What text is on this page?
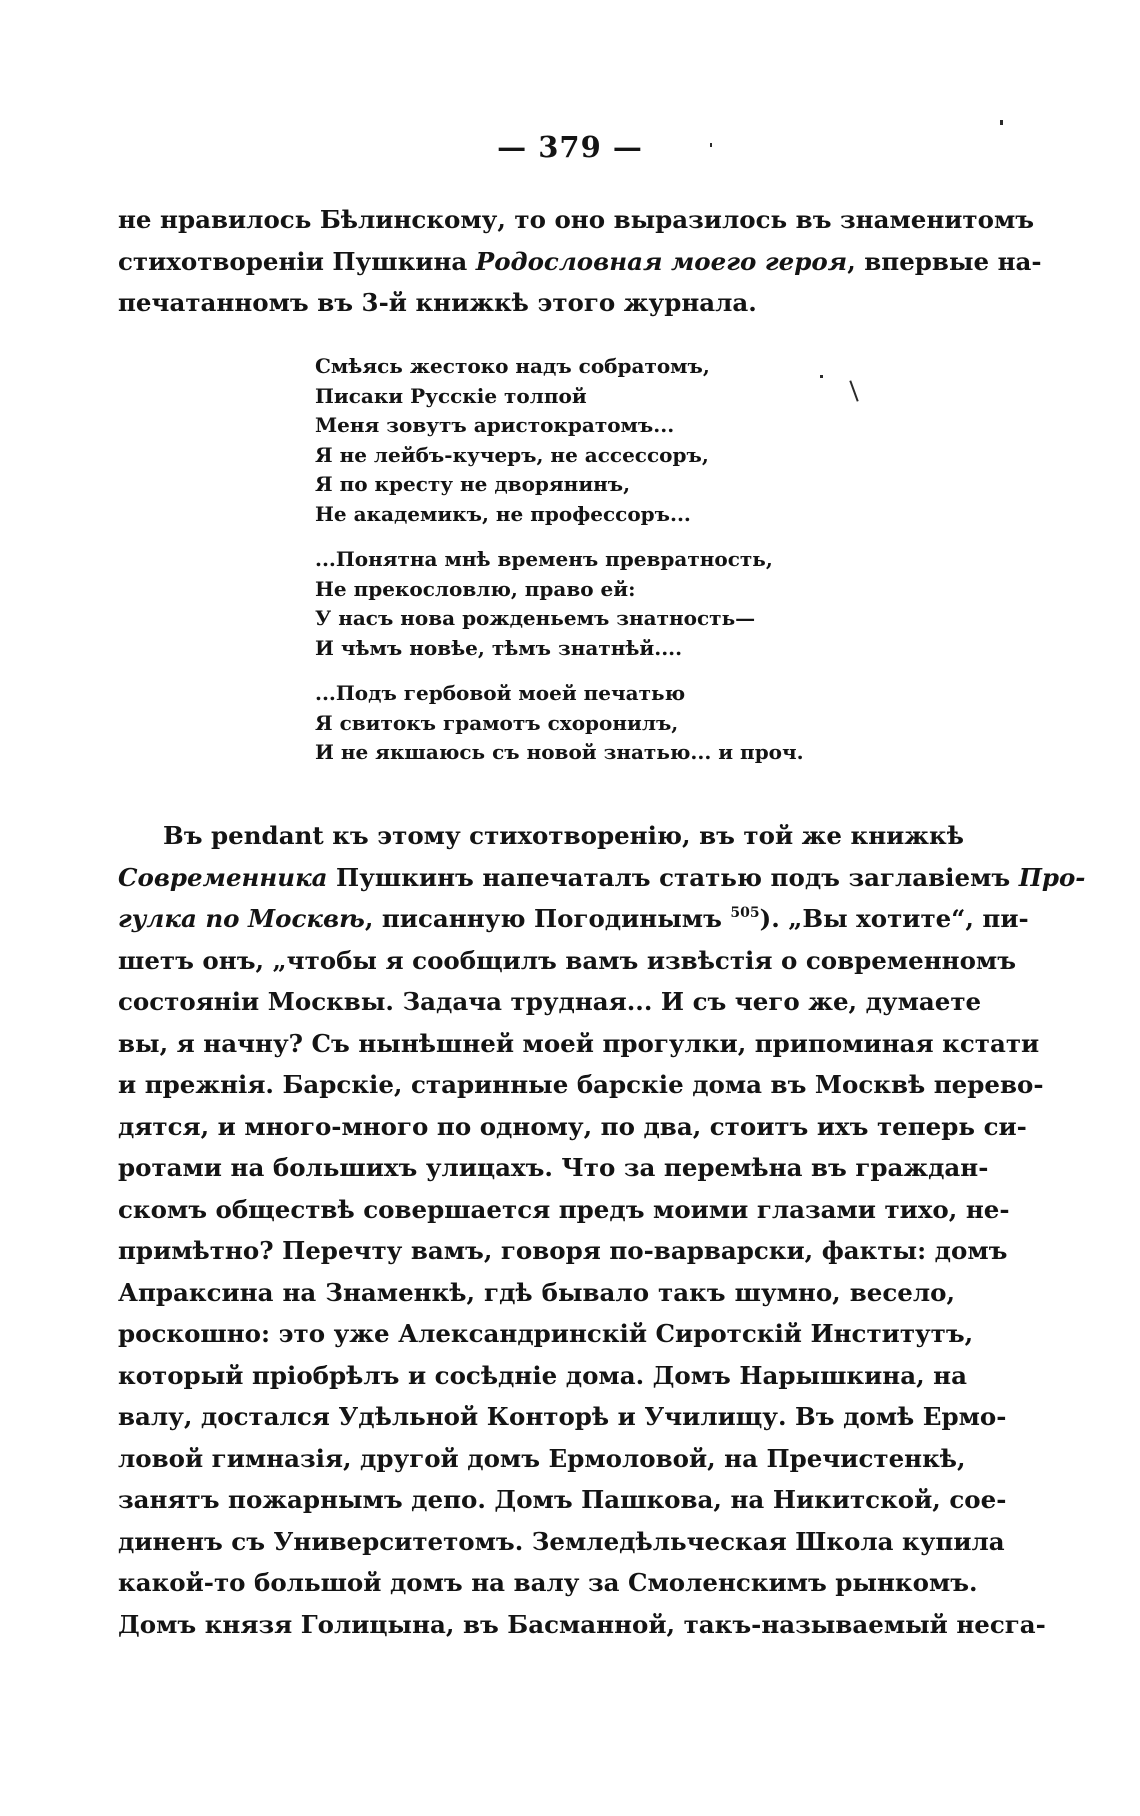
— 379 —
не нравилось Бѣлинскому, то оно выразилось въ знаменитомъ
стихотвореніи Пушкина Родословная моего героя, впервые на-
печатанномъ въ 3-й книжкѣ этого журнала.
Смѣясь жестоко надъ собратомъ,
Писаки Русскіе толпой
Меня зовутъ аристократомъ...
Я не лейбъ-кучеръ, не ассессоръ,
Я по кресту не дворянинъ,
Не академикъ, не профессоръ...
...Понятна мнѣ временъ превратность,
Не прекословлю, право ей:
У насъ нова рожденьемъ знатность—
И чѣмъ новѣе, тѣмъ знатнѣй....
...Подъ гербовой моей печатью
Я свитокъ грамотъ схоронилъ,
И не якшаюсь съ новой знатью... и проч.
Въ pendant къ этому стихотворенію, въ той же книжкѣ
Современника Пушкинъ напечаталъ статью подъ заглавіемъ Про-
гулка по Москвѣ, писанную Погодинымъ $^{505}$). „Вы хотите“, пи-
шетъ онъ, „чтобы я сообщилъ вамъ извѣстія о современномъ
состояніи Москвы. Задача трудная... И съ чего же, думаете
вы, я начну? Съ нынѣшней моей прогулки, припоминая кстати
и прежнія. Барскіе, старинные барскіе дома въ Москвѣ перево-
дятся, и много-много по одному, по два, стоитъ ихъ теперь си-
ротами на большихъ улицахъ. Что за перемѣна въ граждан-
скомъ обществѣ совершается предъ моими глазами тихо, не-
примѣтно? Перечту вамъ, говоря по-варварски, факты: домъ
Апраксина на Знаменкѣ, гдѣ бывало такъ шумно, весело,
роскошно: это уже Александринскій Сиротскій Институтъ,
который пріобрѣлъ и сосѣдніе дома. Домъ Нарышкина, на
валу, достался Удѣльной Конторѣ и Училищу. Въ домѣ Ермо-
ловой гимназія, другой домъ Ермоловой, на Пречистенкѣ,
занятъ пожарнымъ депо. Домъ Пашкова, на Никитской, сое-
диненъ съ Университетомъ. Земледѣльческая Школа купила
какой-то большой домъ на валу за Смоленскимъ рынкомъ.
Домъ князя Голицына, въ Басманной, такъ-называемый несга-
